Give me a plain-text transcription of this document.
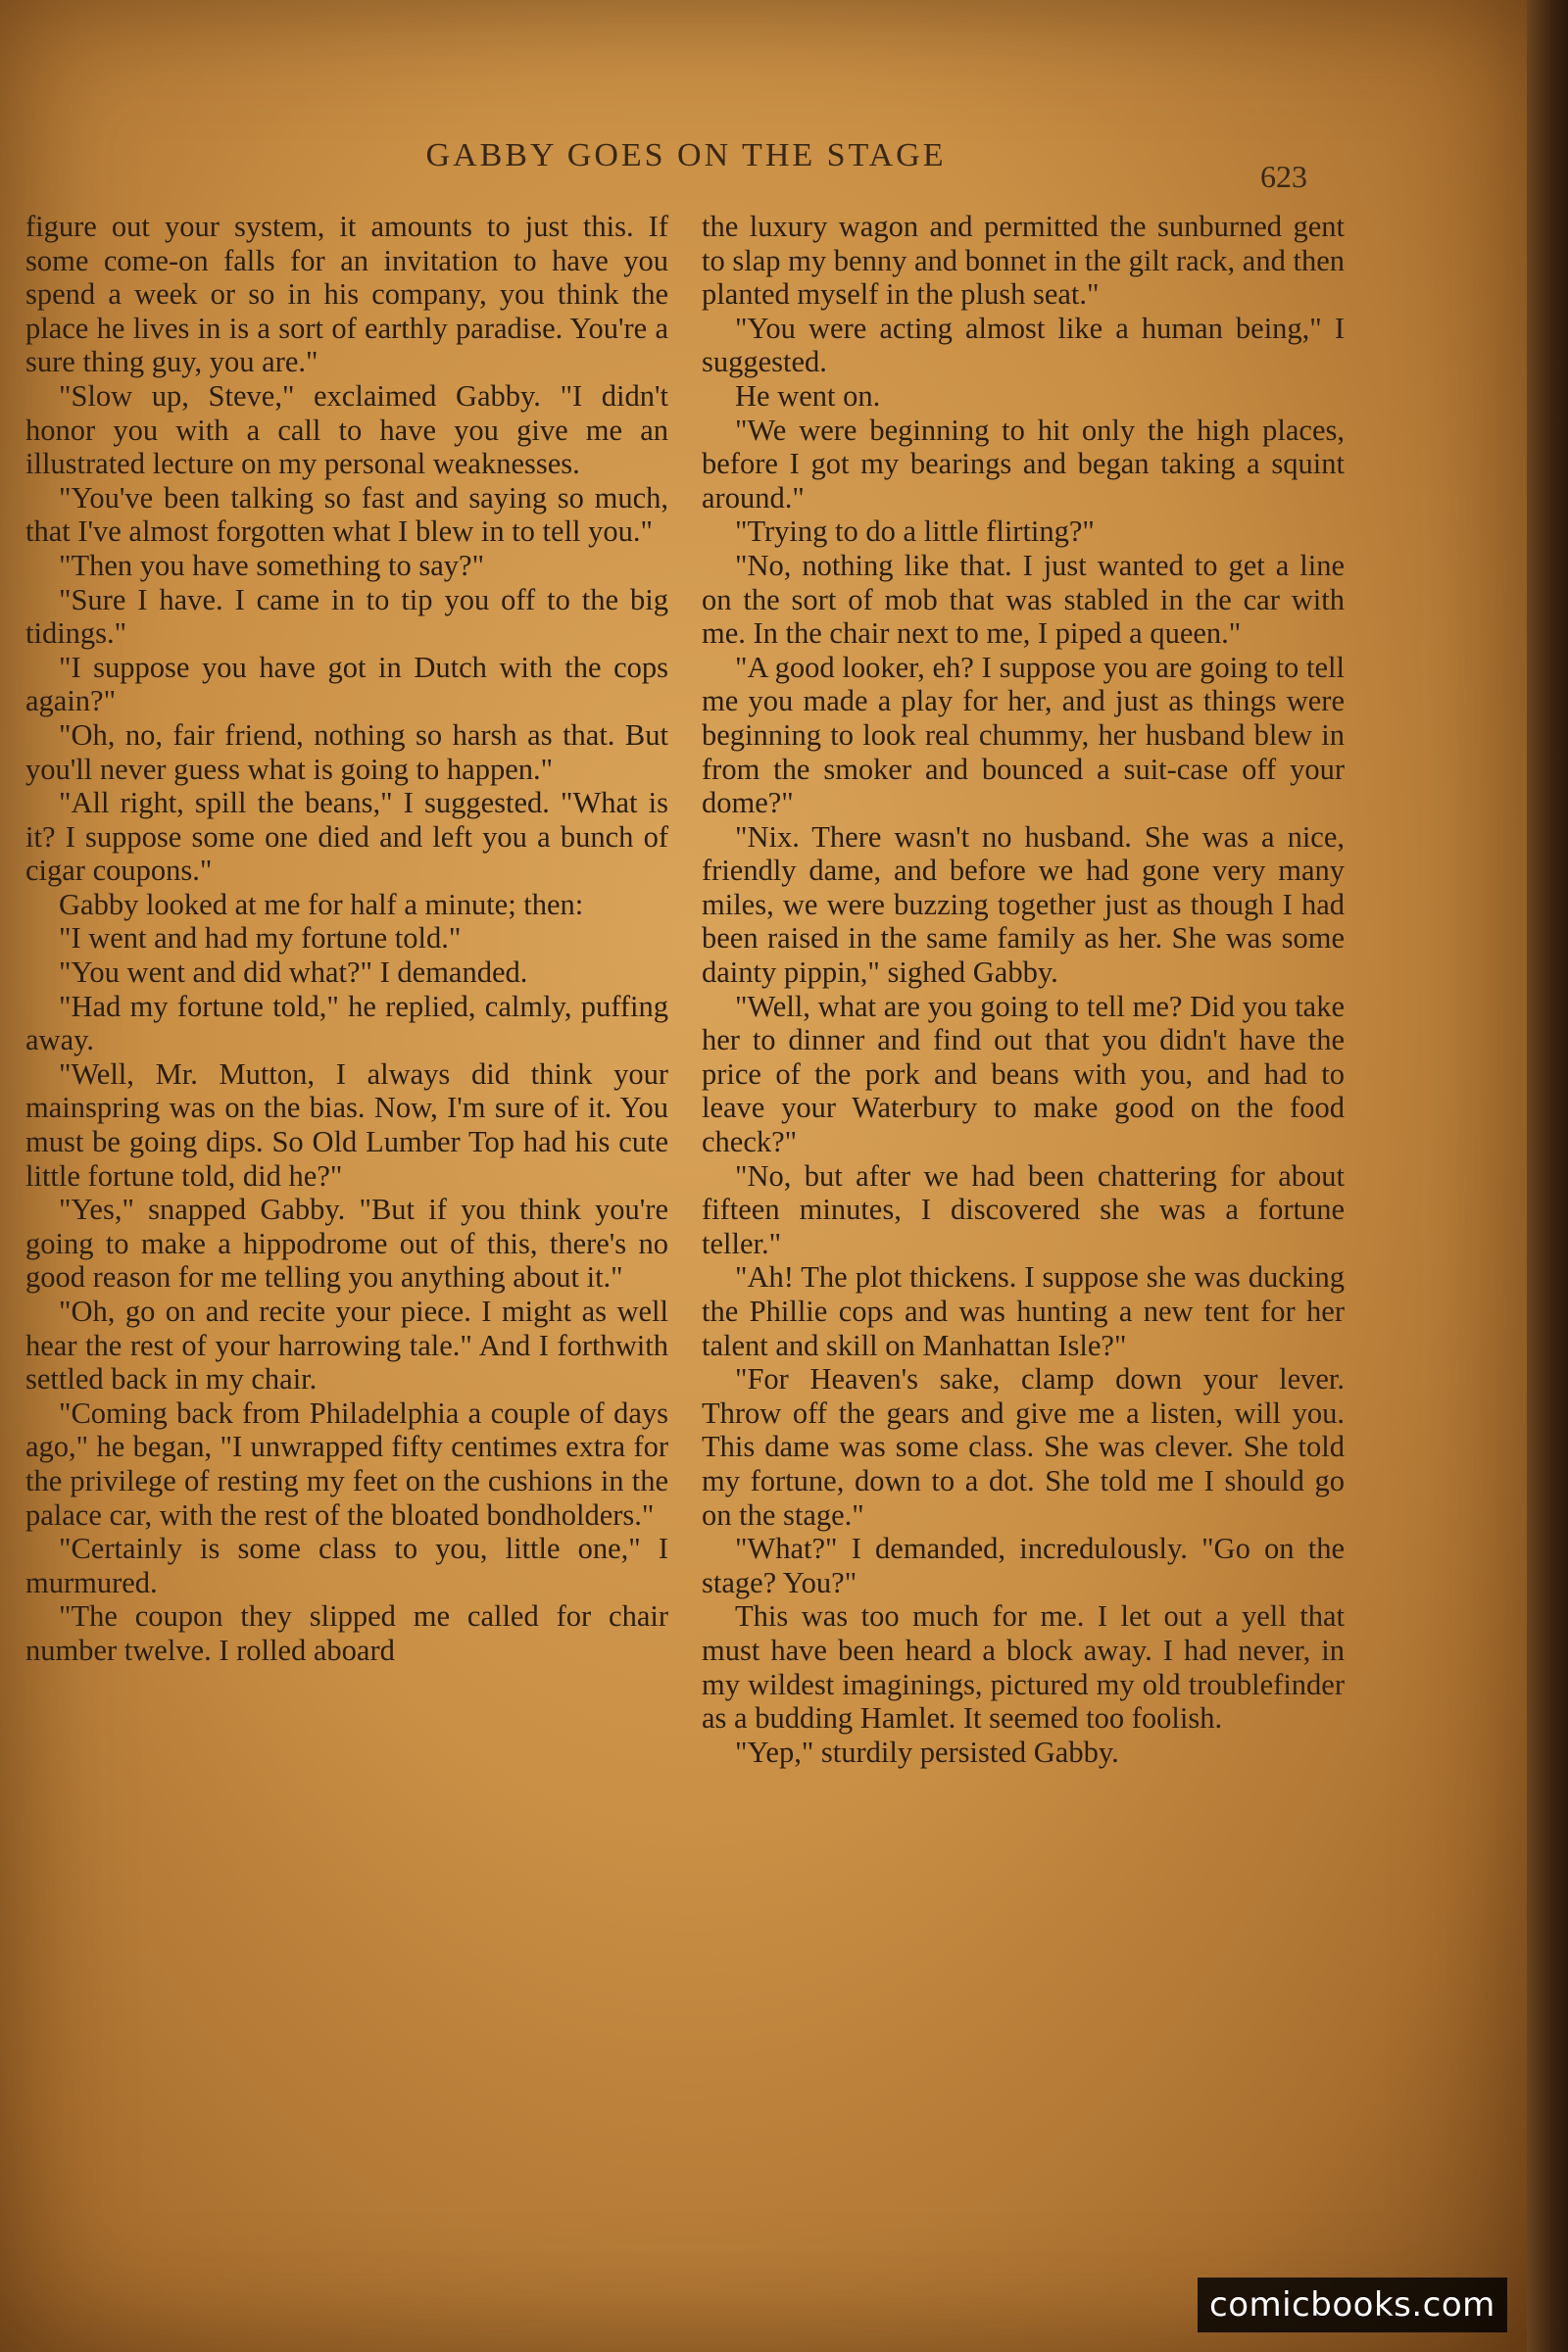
GABBY GOES ON THE STAGE
623

figure out your system, it amounts to just this. If some come-on falls for an invitation to have you spend a week or so in his company, you think the place he lives in is a sort of earthly paradise. You're a sure thing guy, you are."

"Slow up, Steve," exclaimed Gabby. "I didn't honor you with a call to have you give me an illustrated lecture on my personal weaknesses.

"You've been talking so fast and saying so much, that I've almost forgotten what I blew in to tell you."

"Then you have something to say?"

"Sure I have. I came in to tip you off to the big tidings."

"I suppose you have got in Dutch with the cops again?"

"Oh, no, fair friend, nothing so harsh as that. But you'll never guess what is going to happen."

"All right, spill the beans," I suggested. "What is it? I suppose some one died and left you a bunch of cigar coupons."

Gabby looked at me for half a minute; then:

"I went and had my fortune told."

"You went and did what?" I demanded.

"Had my fortune told," he replied, calmly, puffing away.

"Well, Mr. Mutton, I always did think your mainspring was on the bias. Now, I'm sure of it. You must be going dips. So Old Lumber Top had his cute little fortune told, did he?"

"Yes," snapped Gabby. "But if you think you're going to make a hippodrome out of this, there's no good reason for me telling you anything about it."

"Oh, go on and recite your piece. I might as well hear the rest of your harrowing tale." And I forthwith settled back in my chair.

"Coming back from Philadelphia a couple of days ago," he began, "I unwrapped fifty centimes extra for the privilege of resting my feet on the cushions in the palace car, with the rest of the bloated bondholders."

"Certainly is some class to you, little one," I murmured.

"The coupon they slipped me called for chair number twelve. I rolled aboard

the luxury wagon and permitted the sunburned gent to slap my benny and bonnet in the gilt rack, and then planted myself in the plush seat."

"You were acting almost like a human being," I suggested.

He went on.

"We were beginning to hit only the high places, before I got my bearings and began taking a squint around."

"Trying to do a little flirting?"

"No, nothing like that. I just wanted to get a line on the sort of mob that was stabled in the car with me. In the chair next to me, I piped a queen."

"A good looker, eh? I suppose you are going to tell me you made a play for her, and just as things were beginning to look real chummy, her husband blew in from the smoker and bounced a suit-case off your dome?"

"Nix. There wasn't no husband. She was a nice, friendly dame, and before we had gone very many miles, we were buzzing together just as though I had been raised in the same family as her. She was some dainty pippin," sighed Gabby.

"Well, what are you going to tell me? Did you take her to dinner and find out that you didn't have the price of the pork and beans with you, and had to leave your Waterbury to make good on the food check?"

"No, but after we had been chattering for about fifteen minutes, I discovered she was a fortune teller."

"Ah! The plot thickens. I suppose she was ducking the Phillie cops and was hunting a new tent for her talent and skill on Manhattan Isle?"

"For Heaven's sake, clamp down your lever. Throw off the gears and give me a listen, will you. This dame was some class. She was clever. She told my fortune, down to a dot. She told me I should go on the stage."

"What?" I demanded, incredulously. "Go on the stage? You?"

This was too much for me. I let out a yell that must have been heard a block away. I had never, in my wildest imaginings, pictured my old troublefinder as a budding Hamlet. It seemed too foolish.

"Yep," sturdily persisted Gabby.

comicbooks.com
